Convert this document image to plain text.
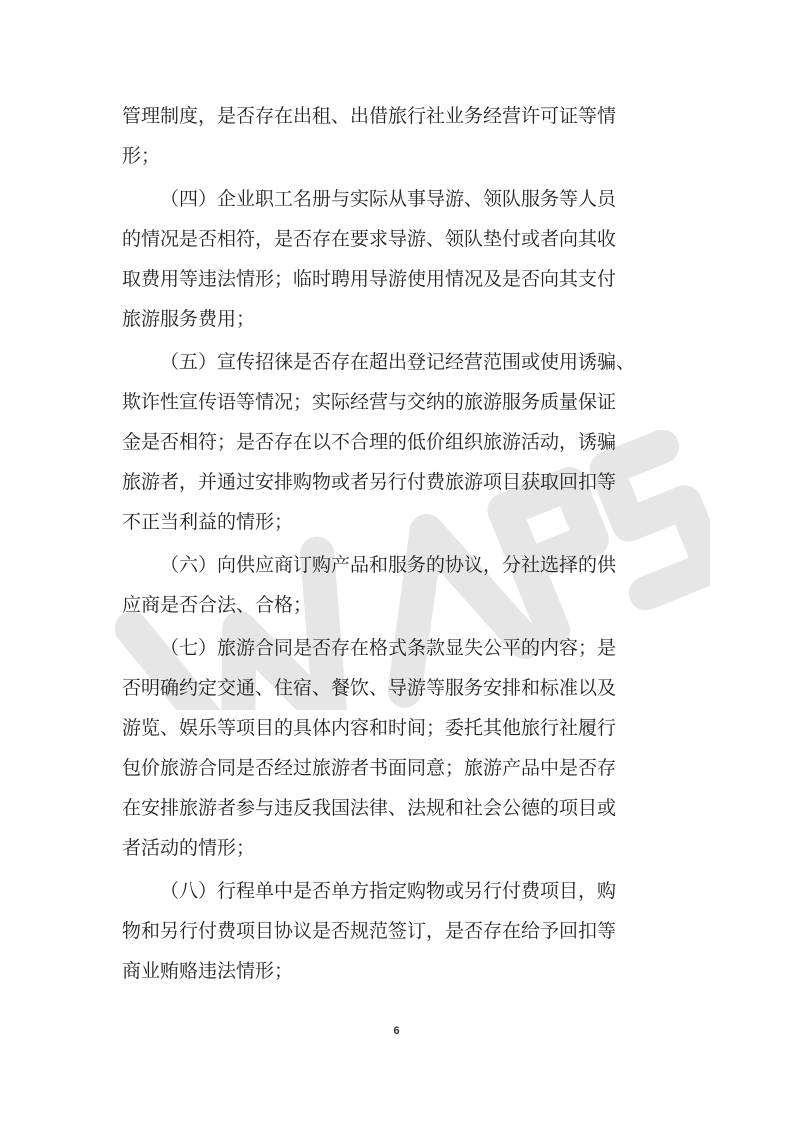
管理制度，是否存在出租、出借旅行社业务经营许可证等情
形；
（四）企业职工名册与实际从事导游、领队服务等人员
的情况是否相符，是否存在要求导游、领队垫付或者向其收
取费用等违法情形；临时聘用导游使用情况及是否向其支付
旅游服务费用；
（五）宣传招徕是否存在超出登记经营范围或使用诱骗、
欺诈性宣传语等情况；实际经营与交纳的旅游服务质量保证
金是否相符；是否存在以不合理的低价组织旅游活动，诱骗
旅游者，并通过安排购物或者另行付费旅游项目获取回扣等
不正当利益的情形；
（六）向供应商订购产品和服务的协议，分社选择的供
应商是否合法、合格；
（七）旅游合同是否存在格式条款显失公平的内容；是
否明确约定交通、住宿、餐饮、导游等服务安排和标准以及
游览、娱乐等项目的具体内容和时间；委托其他旅行社履行
包价旅游合同是否经过旅游者书面同意；旅游产品中是否存
在安排旅游者参与违反我国法律、法规和社会公德的项目或
者活动的情形；
（八）行程单中是否单方指定购物或另行付费项目，购
物和另行付费项目协议是否规范签订，是否存在给予回扣等
商业贿赂违法情形；
6
